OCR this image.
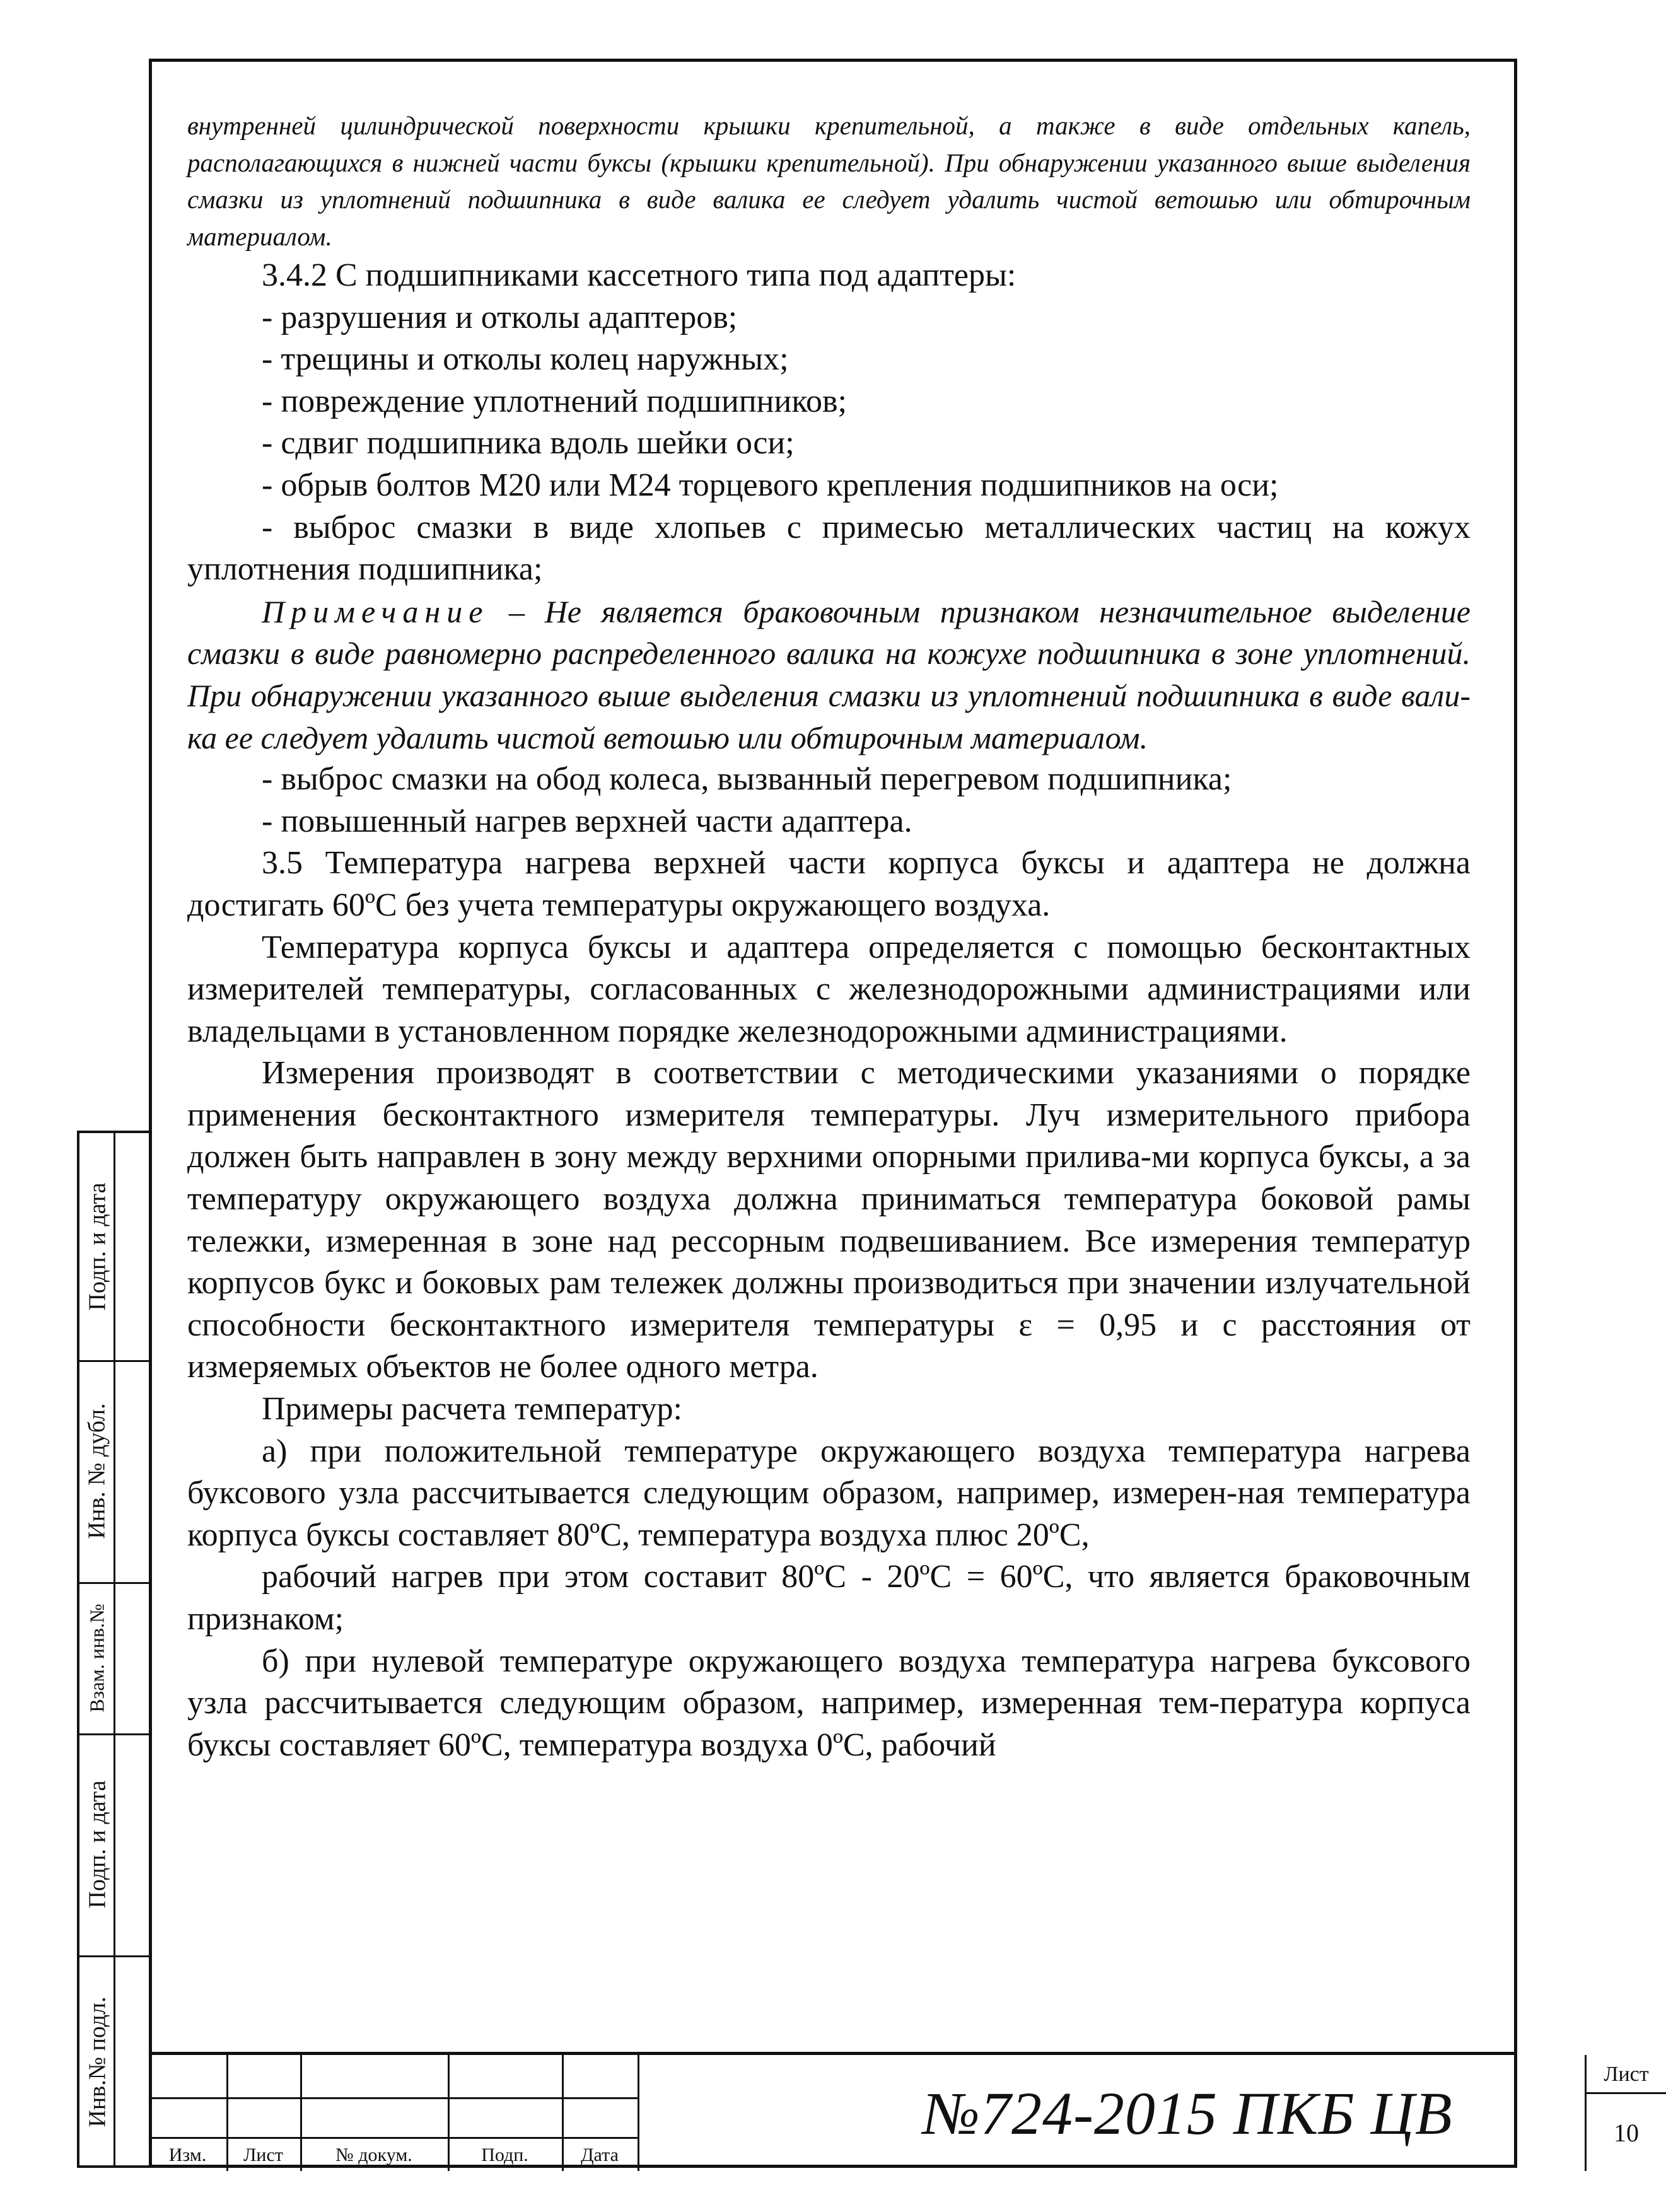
Подп. и дата
Инв. № дубл.
Взам. инв.№
Подп. и дата
Инв.№ подл.

внутренней цилиндрической поверхности крышки крепительной, а также в виде отдельных капель, располагающихся в нижней части буксы (крышки крепительной). При обнаружении указанного выше выделения смазки из уплотнений подшипника в виде валика ее следует удалить чистой ветошью или обтирочным материалом.

3.4.2 С подшипниками кассетного типа под адаптеры:

- разрушения и отколы адаптеров;

- трещины и отколы колец наружных;

- повреждение уплотнений подшипников;

- сдвиг подшипника вдоль шейки оси;

- обрыв болтов М20 или М24 торцевого крепления подшипников на оси;

- выброс смазки в виде хлопьев с примесью металлических частиц на кожух уплотнения подшипника;

Примечание – Не является браковочным признаком незначительное выделение смазки в виде равномерно распределенного валика на кожухе подшипника в зоне уплотнений. При обнаружении указанного выше выделения смазки из уплотнений подшипника в виде вали-ка ее следует удалить чистой ветошью или обтирочным материалом.

- выброс смазки на обод колеса, вызванный перегревом подшипника;

- повышенный нагрев верхней части адаптера.

3.5 Температура нагрева верхней части корпуса буксы и адаптера не должна достигать 60ºС без учета температуры окружающего воздуха.

Температура корпуса буксы и адаптера определяется с помощью бесконтактных измерителей температуры, согласованных с железнодорожными администрациями или владельцами в установленном порядке железнодорожными администрациями.

Измерения производят в соответствии с методическими указаниями о порядке применения бесконтактного измерителя температуры. Луч измерительного прибора должен быть направлен в зону между верхними опорными прилива-ми корпуса буксы, а за температуру окружающего воздуха должна приниматься температура боковой рамы тележки, измеренная в зоне над рессорным подвешиванием. Все измерения температур корпусов букс и боковых рам тележек должны производиться при значении излучательной способности бесконтактного измерителя температуры ε = 0,95 и с расстояния от измеряемых объектов не более одного метра.

Примеры расчета температур:

а) при положительной температуре окружающего воздуха температура нагрева буксового узла рассчитывается следующим образом, например, измерен-ная температура корпуса буксы составляет 80ºС, температура воздуха плюс 20ºС,

рабочий нагрев при этом составит 80ºС - 20ºС = 60ºС, что является браковочным признаком;

б) при нулевой температуре окружающего воздуха температура нагрева буксового узла рассчитывается следующим образом, например, измеренная тем-пература корпуса буксы составляет 60ºС, температура воздуха 0ºС, рабочий

Изм.	Лист	№ докум.	Подп.	Дата
№724-2015 ПКБ ЦВ
Лист
10
